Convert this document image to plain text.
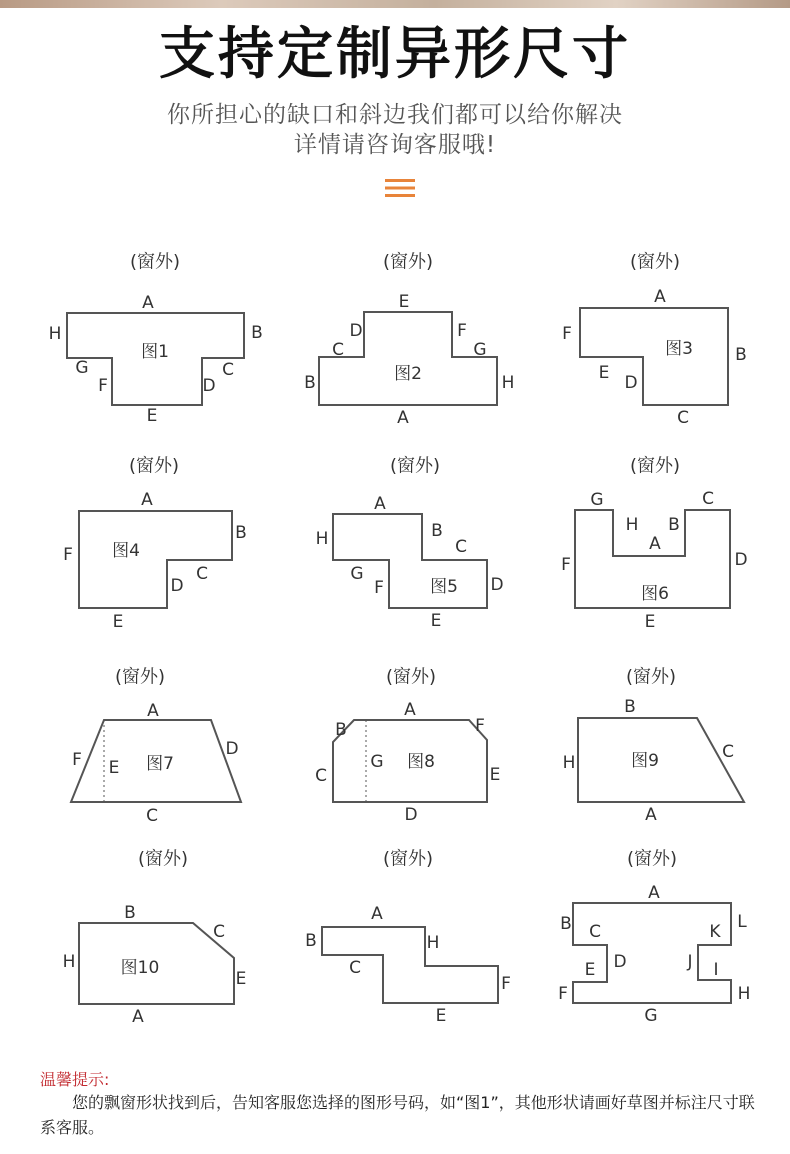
支持定制异形尺寸
你所担心的缺口和斜边我们都可以给你解决
详情请咨询客服哦!
(窗外)
图1
A
B
C
D
E
F
G
H
(窗外)
图2
E
D
C
F
G
B	H
A
(窗外)
图3
A
F
B
E D
C
(窗外)
图4
A
B
F
C
D
E
(窗外)
图5
A
H	B
C
G
F	D
E
(窗外)
图6
G	C
H B
A
F	D
E
(窗外)
图7
A
F E
D
C
(窗外)
图8
A
B	F
G
C	E
D
(窗外)
图9
B
H
C
A
(窗外)
图10
B
C
H
E
A
(窗外)
A
B	H
C
F
E
(窗外)
A
B	L
C	K
D	J
E	I
F	H
G
温馨提示:
您的飘窗形状找到后，告知客服您选择的图形号码，如“图1”，其他形状请画好草图并标注尺寸联系客服。
